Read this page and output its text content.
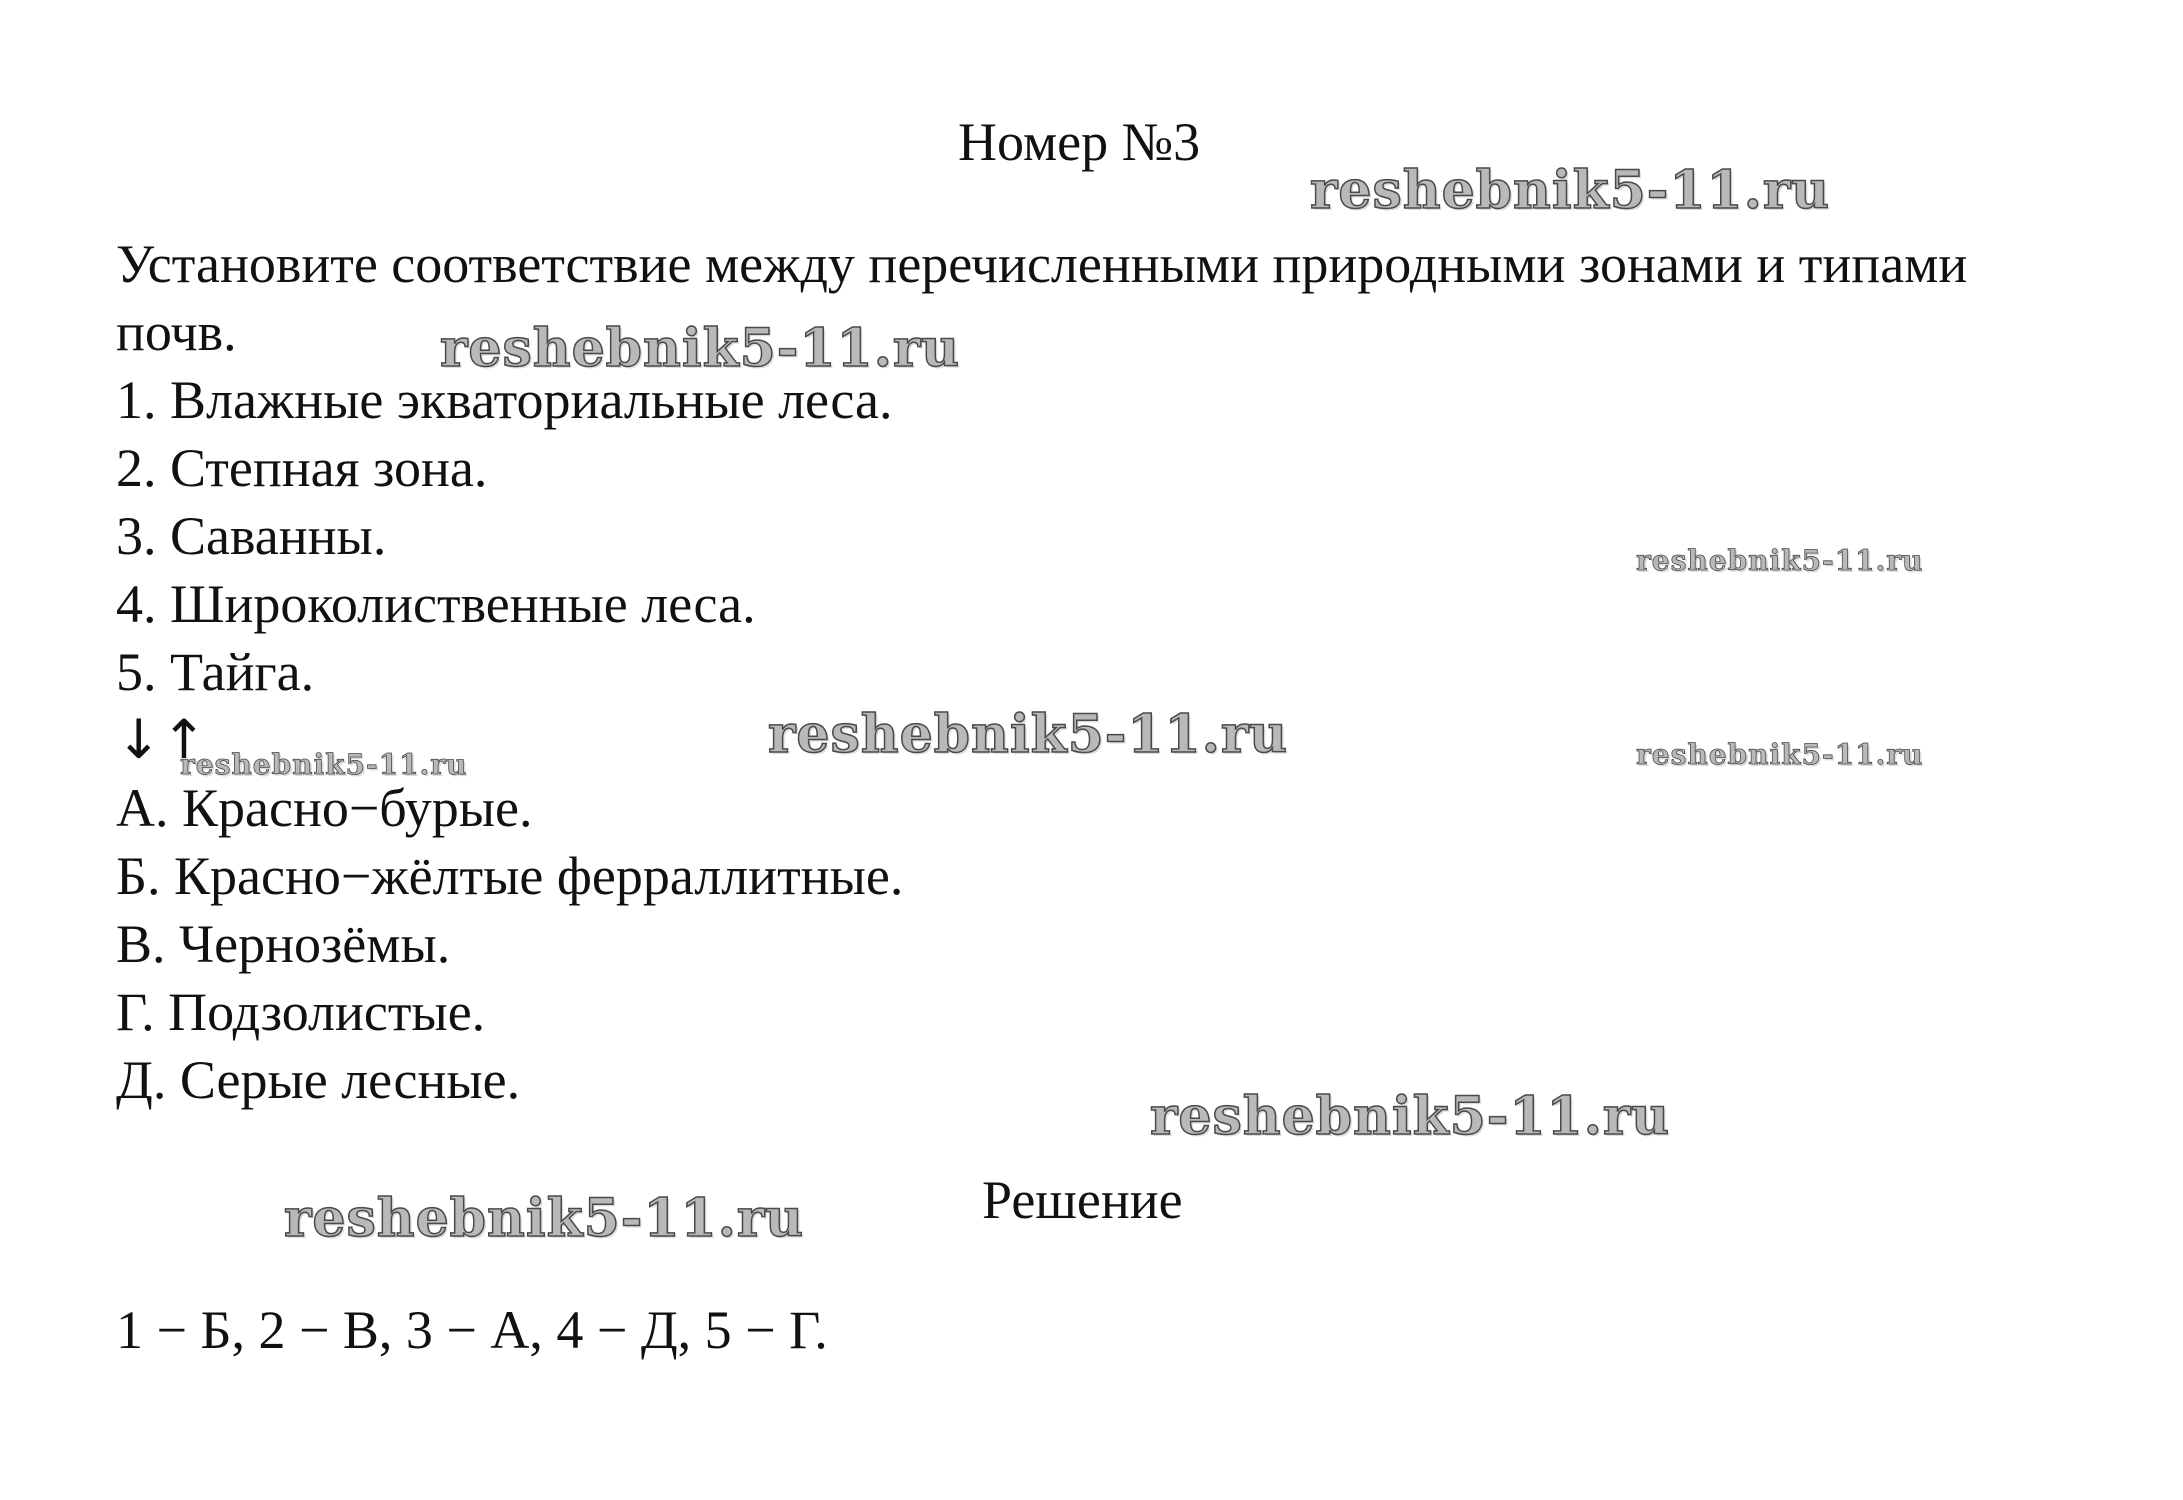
Номер №3
Установите соответствие между перечисленными природными зонами и типами почв.
1. Влажные экваториальные леса.
2. Степная зона.
3. Саванны.
4. Широколиственные леса.
5. Тайга.
↓↑
А. Красно−бурые.
Б. Красно−жёлтые ферраллитные.
В. Чернозёмы.
Г. Подзолистые.
Д. Серые лесные.
Решение
1 − Б, 2 − В, 3 − А, 4 − Д, 5 − Г.
reshebnik5-11.ru
reshebnik5-11.ru
reshebnik5-11.ru
reshebnik5-11.ru
reshebnik5-11.ru	reshebnik5-11.ru
reshebnik5-11.ru
reshebnik5-11.ru
